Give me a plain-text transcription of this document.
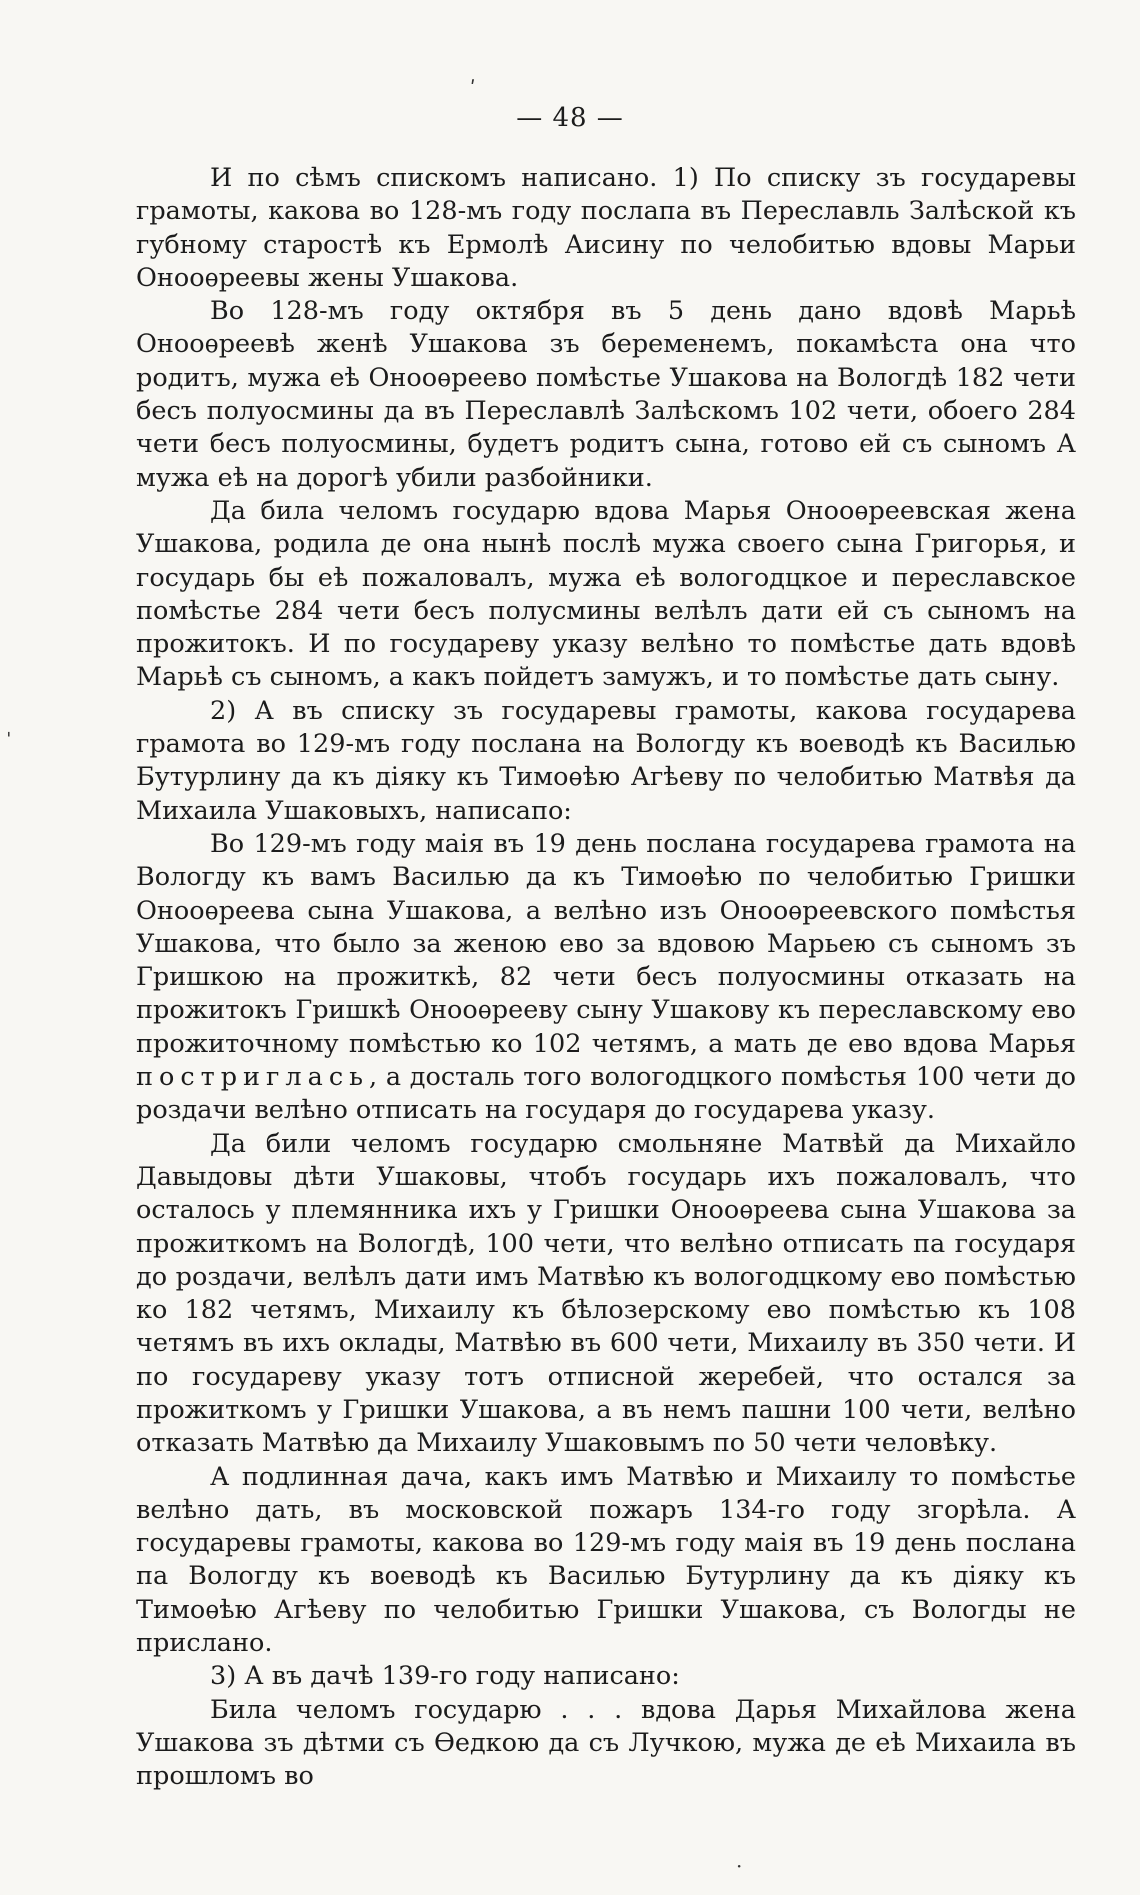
— 48 —
ʹ
ˈ
·

И по сѣмъ спискомъ написано. 1) По списку зъ государевы грамоты, какова во 128-мъ году послапа въ Переславль Залѣской къ губному старостѣ къ Ермолѣ Аисину по челобитью вдовы Марьи Онооѳреевы жены Ушакова.

Во 128-мъ году октября въ 5 день дано вдовѣ Марьѣ Онооѳреевѣ женѣ Ушакова зъ беременемъ, покамѣста она что родитъ, мужа еѣ Онооѳреево помѣстье Ушакова на Вологдѣ 182 чети бесъ полуосмины да въ Переславлѣ Залѣскомъ 102 чети, обоего 284 чети бесъ полуосмины, будетъ родитъ сына, готово ей съ сыномъ А мужа еѣ на дорогѣ убили разбойники.

Да била челомъ государю вдова Марья Онооѳреевская жена Ушакова, родила де она нынѣ послѣ мужа своего сына Григорья, и государь бы еѣ пожаловалъ, мужа еѣ вологодцкое и переславское помѣстье 284 чети бесъ полусмины велѣлъ дати ей съ сыномъ на прожитокъ. И по государеву указу велѣно то помѣстье дать вдовѣ Марьѣ съ сыномъ, а какъ пойдетъ замужъ, и то помѣстье дать сыну.

2) А въ списку зъ государевы грамоты, какова государева грамота во 129-мъ году послана на Вологду къ воеводѣ къ Василью Бутурлину да къ дiяку къ Тимоѳѣю Агѣеву по челобитью Матвѣя да Михаила Ушаковыхъ, написапо:

Во 129-мъ году маiя въ 19 день послана государева грамота на Вологду къ вамъ Василью да къ Тимоѳѣю по челобитью Гришки Онооѳреева сына Ушакова, а велѣно изъ Онооѳреевского помѣстья Ушакова, что было за женою ево за вдовою Марьею съ сыномъ зъ Гришкою на прожиткѣ, 82 чети бесъ полуосмины отказать на прожитокъ Гришкѣ Онооѳрееву сыну Ушакову къ переславскому ево прожиточному помѣстью ко 102 четямъ, а мать де ево вдова Марья постриглась, а досталь того вологодцкого помѣстья 100 чети до роздачи велѣно отписать на государя до государева указу.

Да били челомъ государю смольняне Матвѣй да Михайло Давыдовы дѣти Ушаковы, чтобъ государь ихъ пожаловалъ, что осталось у племянника ихъ у Гришки Онооѳреева сына Ушакова за прожиткомъ на Вологдѣ, 100 чети, что велѣно отписать па государя до роздачи, велѣлъ дати имъ Матвѣю къ вологодцкому ево помѣстью ко 182 четямъ, Михаилу къ бѣлозерскому ево помѣстью къ 108 четямъ въ ихъ оклады, Матвѣю въ 600 чети, Михаилу въ 350 чети. И по государеву указу тотъ отписной жеребей, что остался за прожиткомъ у Гришки Ушакова, а въ немъ пашни 100 чети, велѣно отказать Матвѣю да Михаилу Ушаковымъ по 50 чети человѣку.

А подлинная дача, какъ имъ Матвѣю и Михаилу то помѣстье велѣно дать, въ московской пожаръ 134-го году згорѣла. А государевы грамоты, какова во 129-мъ году маiя въ 19 день послана па Вологду къ воеводѣ къ Василью Бутурлину да къ дiяку къ Тимоѳѣю Агѣеву по челобитью Гришки Ушакова, съ Вологды не прислано.

3) А въ дачѣ 139-го году написано:

Била челомъ государю . . . вдова Дарья Михайлова жена Ушакова зъ дѣтми съ Ѳедкою да съ Лучкою, мужа де еѣ Михаила въ прошломъ во
